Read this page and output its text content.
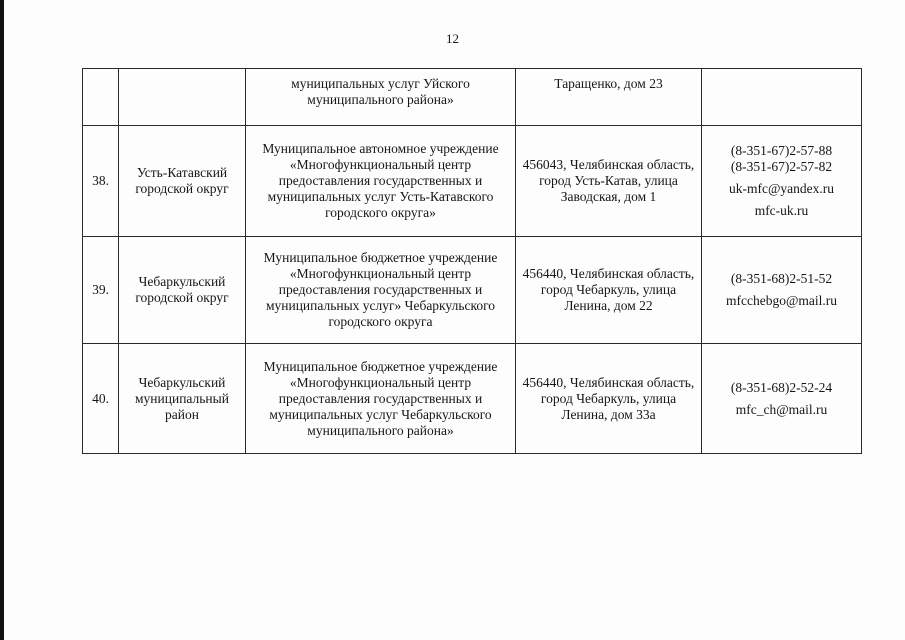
12
		муниципальных услуг Уйского муниципального района»	Таращенко, дом 23	
38.	Усть-Катавский городской округ	Муниципальное автономное учреждение «Многофункциональный центр предоставления государственных и муниципальных услуг Усть-Катавского городского округа»	456043, Челябинская область, город Усть-Катав, улица Заводская, дом 1	(8-351-67)2-57-88
(8-351-67)2-57-82
uk-mfc@yandex.ru
mfc-uk.ru

39.	Чебаркульский городской округ	Муниципальное бюджетное учреждение «Многофункциональный центр предоставления государственных и муниципальных услуг» Чебаркульского городского округа	456440, Челябинская область, город Чебаркуль, улица Ленина, дом 22	(8-351-68)2-51-52
mfcchebgo@mail.ru

40.	Чебаркульский муниципальный район	Муниципальное бюджетное учреждение «Многофункциональный центр предоставления государственных и муниципальных услуг Чебаркульского муниципального района»	456440, Челябинская область, город Чебаркуль, улица Ленина, дом 33а	(8-351-68)2-52-24
mfc_ch@mail.ru
